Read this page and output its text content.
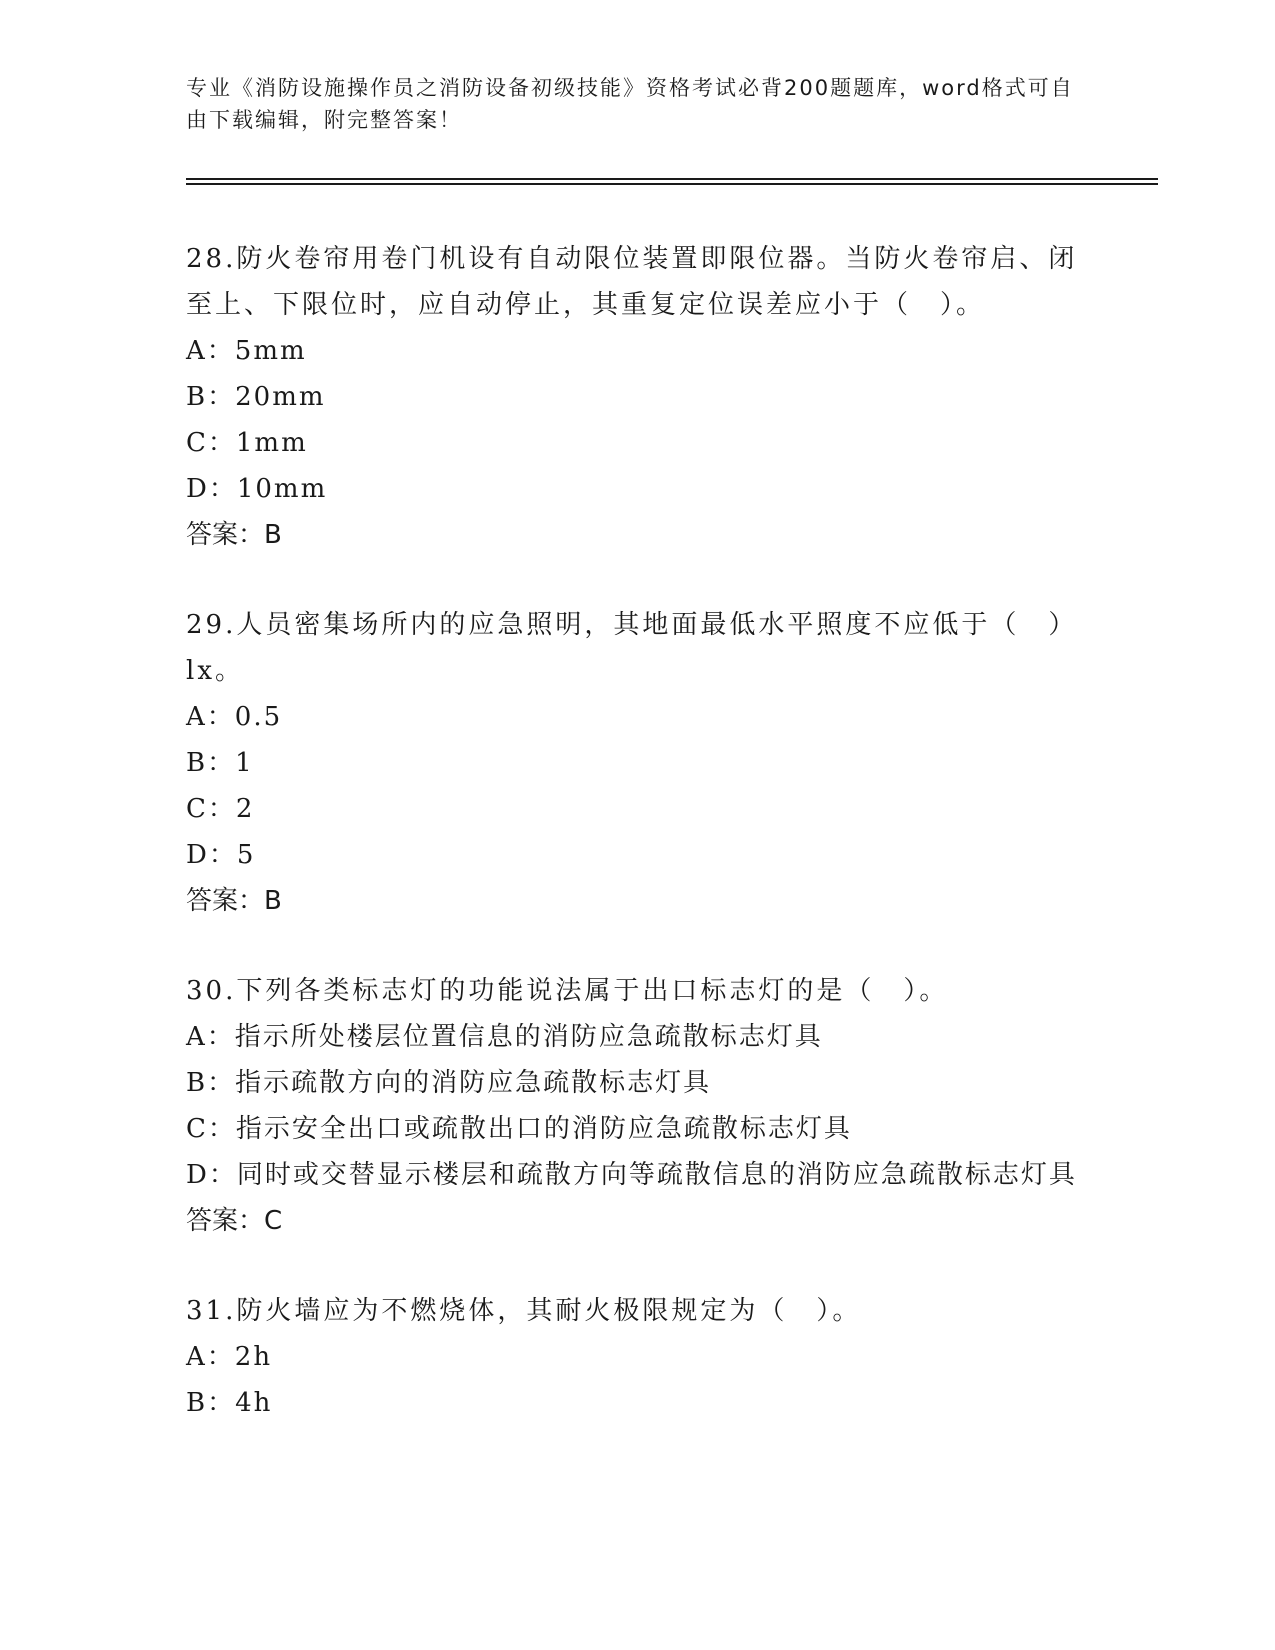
专业《消防设施操作员之消防设备初级技能》资格考试必背200题题库，word格式可自由下载编辑，附完整答案！

28.防火卷帘用卷门机设有自动限位装置即限位器。当防火卷帘启、闭至上、下限位时，应自动停止，其重复定位误差应小于（　）。

A：5mm

B：20mm

C：1mm

D：10mm

答案：B

29.人员密集场所内的应急照明，其地面最低水平照度不应低于（　）lx。

A：0.5

B：1

C：2

D：5

答案：B

30.下列各类标志灯的功能说法属于出口标志灯的是（　）。

A：指示所处楼层位置信息的消防应急疏散标志灯具

B：指示疏散方向的消防应急疏散标志灯具

C：指示安全出口或疏散出口的消防应急疏散标志灯具

D：同时或交替显示楼层和疏散方向等疏散信息的消防应急疏散标志灯具

答案：C

31.防火墙应为不燃烧体，其耐火极限规定为（　）。

A：2h

B：4h
